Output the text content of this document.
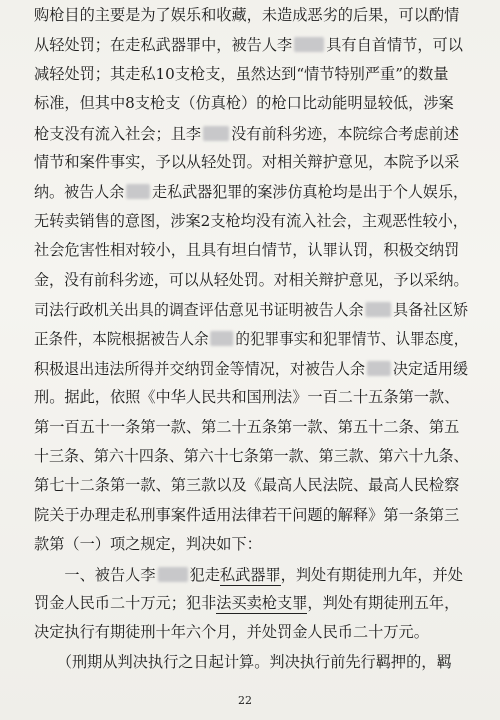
购枪目的主要是为了娱乐和收藏，未造成恶劣的后果，可以酌情
从轻处罚；在走私武器罪中，被告人李 具有自首情节，可以
减轻处罚；其走私10支枪支，虽然达到“情节特别严重”的数量
标准，但其中8支枪支（仿真枪）的枪口比动能明显较低，涉案
枪支没有流入社会；且李 没有前科劣迹，本院综合考虑前述
情节和案件事实，予以从轻处罚。对相关辩护意见，本院予以采
纳。被告人余 走私武器犯罪的案涉仿真枪均是出于个人娱乐，
无转卖销售的意图，涉案2支枪均没有流入社会，主观恶性较小，
社会危害性相对较小，且具有坦白情节，认罪认罚，积极交纳罚
金，没有前科劣迹，可以从轻处罚。对相关辩护意见，予以采纳。
司法行政机关出具的调查评估意见书证明被告人余 具备社区矫
正条件，本院根据被告人余 的犯罪事实和犯罪情节、认罪态度，
积极退出违法所得并交纳罚金等情况，对被告人余 决定适用缓
刑。据此，依照《中华人民共和国刑法》一百二十五条第一款、
第一百五十一条第一款、第二十五条第一款、第五十二条、第五
十三条、第六十四条、第六十七条第一款、第三款、第六十九条、
第七十二条第一款、第三款以及《最高人民法院、最高人民检察
院关于办理走私刑事案件适用法律若干问题的解释》第一条第三
款第（一）项之规定，判决如下：
　　一、被告人李 犯走私武器罪，判处有期徒刑九年，并处
罚金人民币二十万元；犯非法买卖枪支罪，判处有期徒刑五年，
决定执行有期徒刑十年六个月，并处罚金人民币二十万元。
　　（刑期从判决执行之日起计算。判决执行前先行羁押的，羁
22
